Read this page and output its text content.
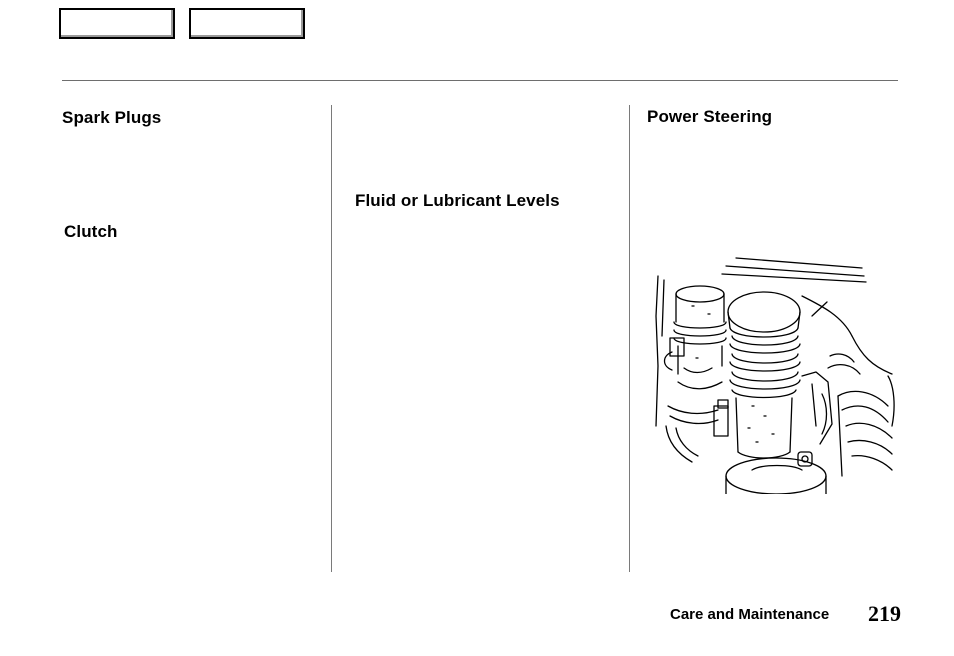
Spark Plugs
Clutch
Fluid or Lubricant Levels
Power Steering
Care and Maintenance 219
